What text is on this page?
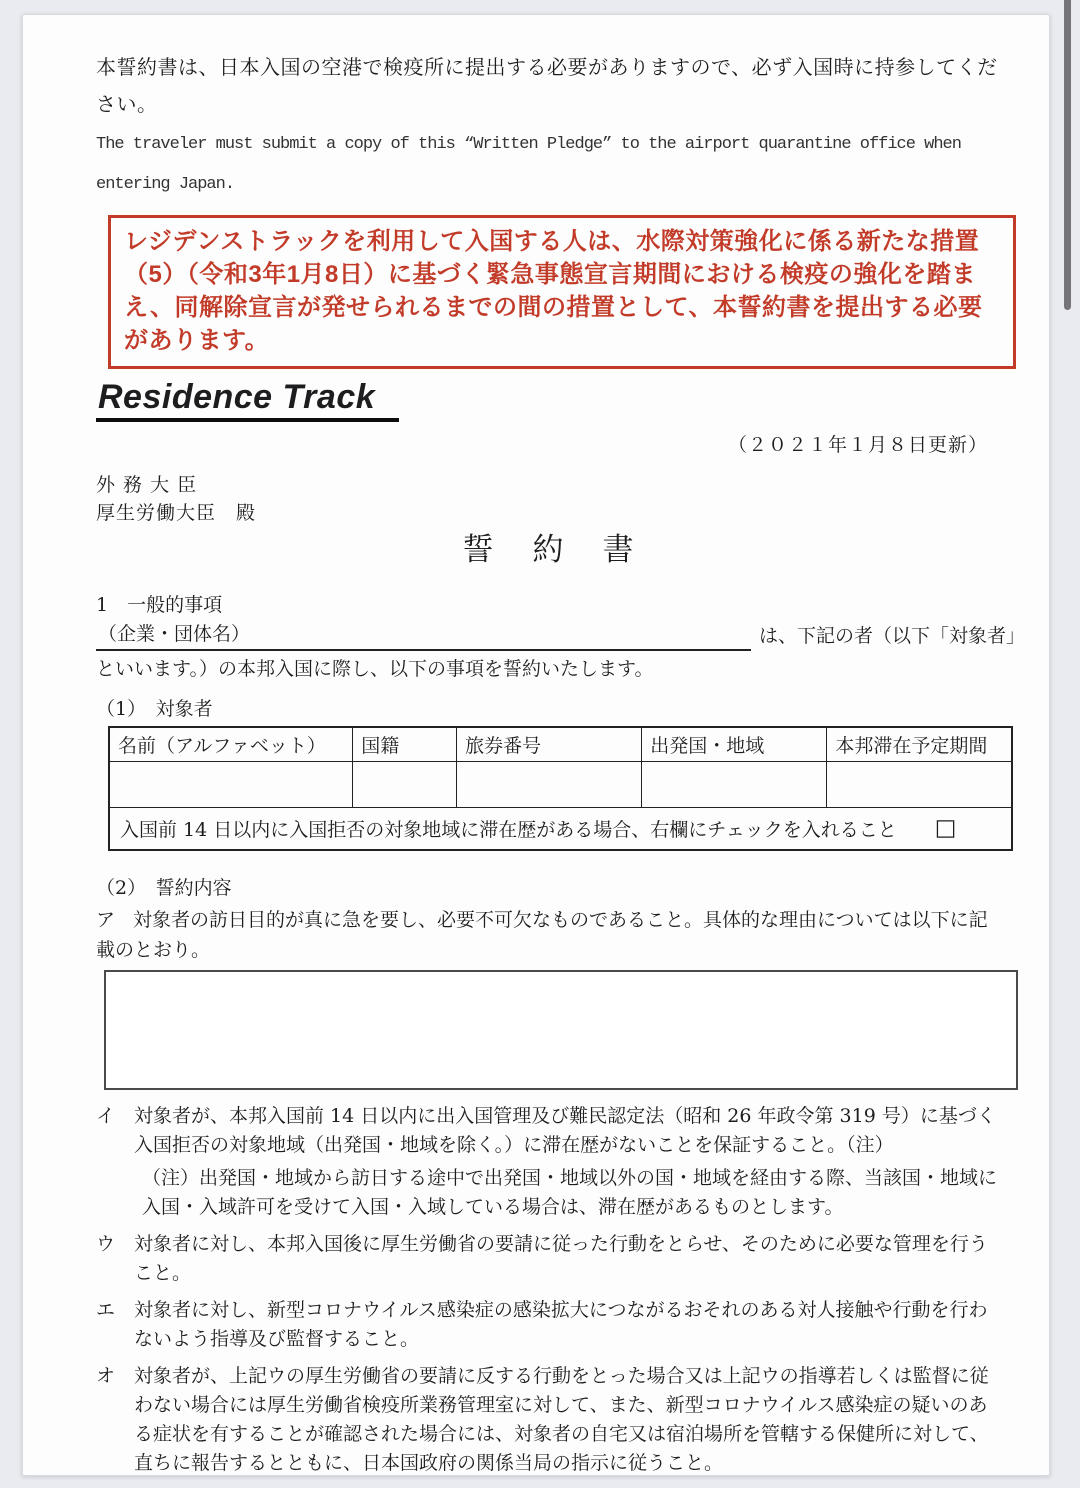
本誓約書は、日本入国の空港で検疫所に提出する必要がありますので、必ず入国時に持参してください。
The traveler must submit a copy of this “Written Pledge” to the airport quarantine office when
entering Japan.

レジデンストラックを利用して入国する人は、水際対策強化に係る新たな措置（5）（令和3年1月8日）に基づく緊急事態宣言期間における検疫の強化を踏まえ、同解除宣言が発せられるまでの間の措置として、本誓約書を提出する必要があります。
Residence Track
（２０２１年１月８日更新）
外 務 大 臣
厚生労働大臣　殿
誓　約　書
1　一般的事項
（企業・団体名）	は、下記の者（以下「対象者」
といいます。）の本邦入国に際し、以下の事項を誓約いたします。
（1）　対象者
名前（アルファベット）	国籍	旅券番号	出発国・地域	本邦滞在予定期間

入国前 14 日以内に入国拒否の対象地域に滞在歴がある場合、右欄にチェックを入れること □				
（2）　誓約内容

ア 対象者の訪日目的が真に急を要し、必要不可欠なものであること。具体的な理由については以下に記載のとおり。

イ 対象者が、本邦入国前 14 日以内に出入国管理及び難民認定法（昭和 26 年政令第 319 号）に基づく入国拒否の対象地域（出発国・地域を除く。）に滞在歴がないことを保証すること。（注）
（注）出発国・地域から訪日する途中で出発国・地域以外の国・地域を経由する際、当該国・地域に入国・入域許可を受けて入国・入域している場合は、滞在歴があるものとします。
ウ 対象者に対し、本邦入国後に厚生労働省の要請に従った行動をとらせ、そのために必要な管理を行うこと。
エ 対象者に対し、新型コロナウイルス感染症の感染拡大につながるおそれのある対人接触や行動を行わないよう指導及び監督すること。
オ 対象者が、上記ウの厚生労働省の要請に反する行動をとった場合又は上記ウの指導若しくは監督に従わない場合には厚生労働省検疫所業務管理室に対して、また、新型コロナウイルス感染症の疑いのある症状を有することが確認された場合には、対象者の自宅又は宿泊場所を管轄する保健所に対して、直ちに報告するとともに、日本国政府の関係当局の指示に従うこと。
